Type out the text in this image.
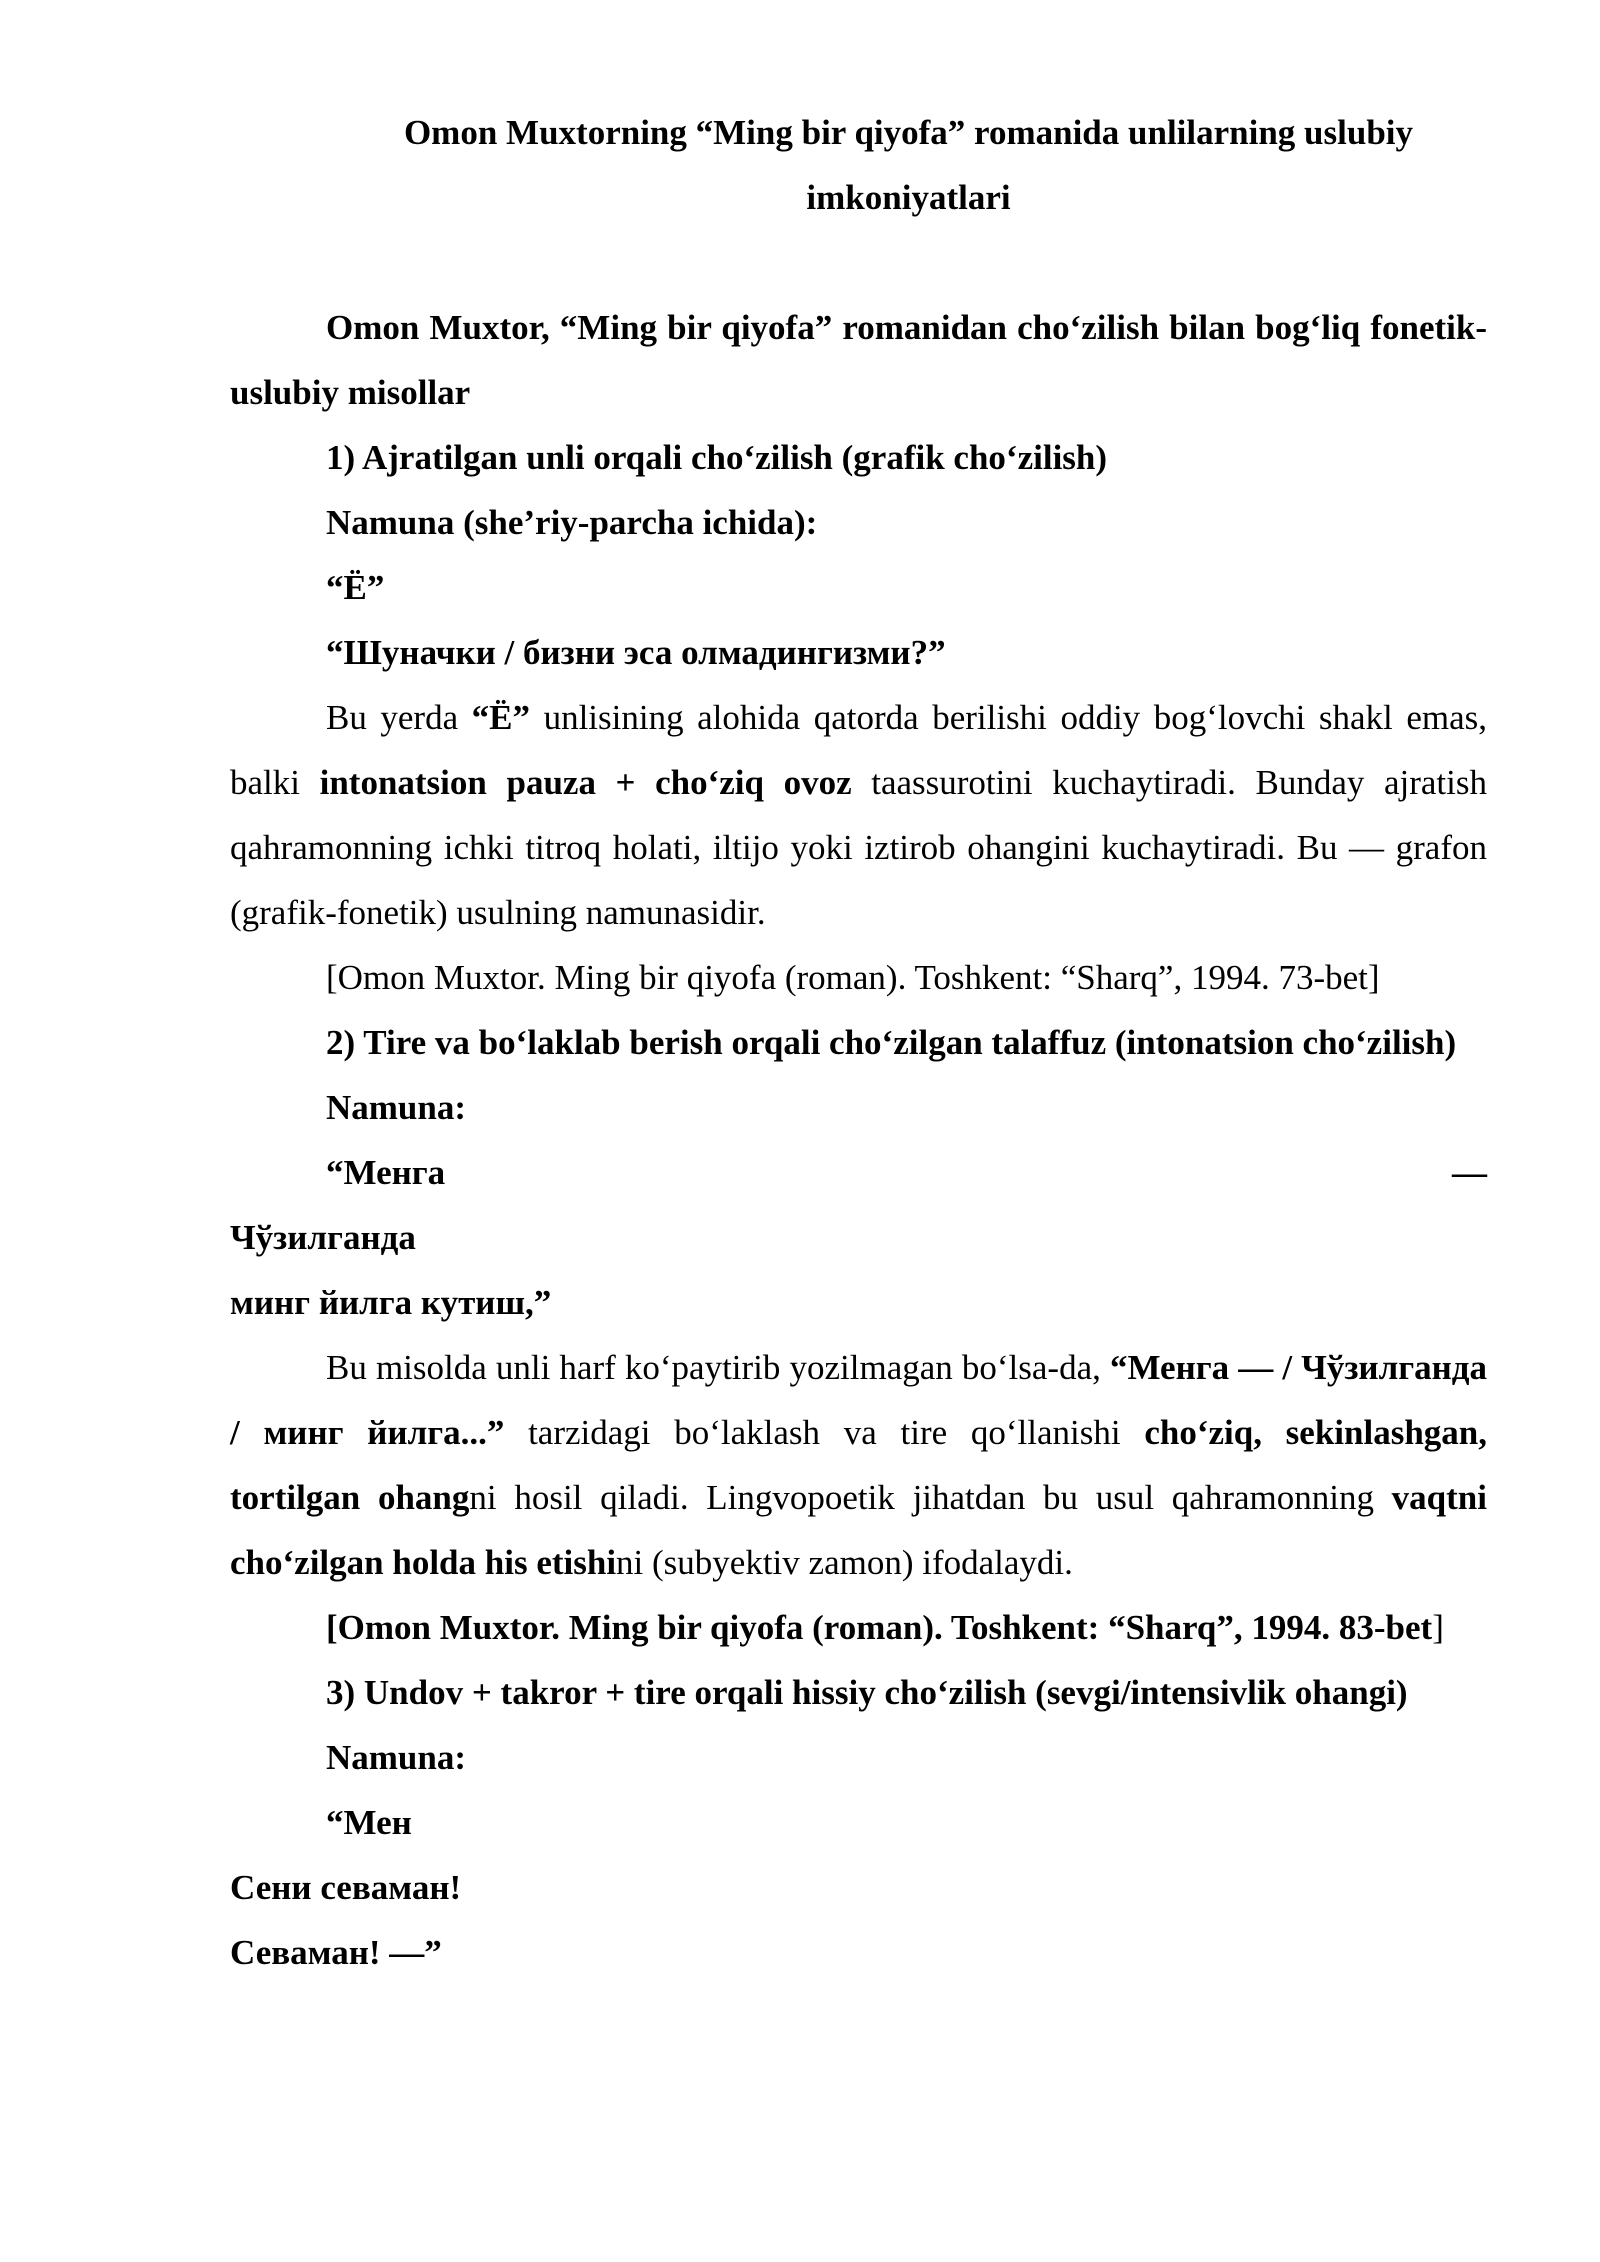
Omon Muxtorning “Ming bir qiyofa” romanida unlilarning uslubiy
imkoniyatlari

Omon Muxtor, “Ming bir qiyofa” romanidan cho‘zilish bilan bog‘liq fonetik-uslubiy misollar

1) Ajratilgan unli orqali cho‘zilish (grafik cho‘zilish)

Namuna (she’riy-parcha ichida):

“Ё”

“Шуначки / бизни эса олмадингизми?”

Bu yerda “Ё” unlisining alohida qatorda berilishi oddiy bog‘lovchi shakl emas, balki intonatsion pauza + cho‘ziq ovoz taassurotini kuchaytiradi. Bunday ajratish qahramonning ichki titroq holati, iltijo yoki iztirob ohangini kuchaytiradi. Bu — grafon (grafik-fonetik) usulning namunasidir.

[Omon Muxtor. Ming bir qiyofa (roman). Toshkent: “Sharq”, 1994. 73-bet]

2) Tire va bo‘laklab berish orqali cho‘zilgan talaffuz (intonatsion cho‘zilish)

Namuna:

“Менга	—

Чўзилганда

минг йилга кутиш,”

Bu misolda unli harf ko‘paytirib yozilmagan bo‘lsa-da, “Менга — / Чўзилганда / минг йилга...” tarzidagi bo‘laklash va tire qo‘llanishi cho‘ziq, sekinlashgan, tortilgan ohangni hosil qiladi. Lingvopoetik jihatdan bu usul qahramonning vaqtni cho‘zilgan holda his etishini (subyektiv zamon) ifodalaydi.

[Omon Muxtor. Ming bir qiyofa (roman). Toshkent: “Sharq”, 1994. 83-bet]

3) Undov + takror + tire orqali hissiy cho‘zilish (sevgi/intensivlik ohangi)

Namuna:

“Мен

Сени севаман!

Севаман! —”
